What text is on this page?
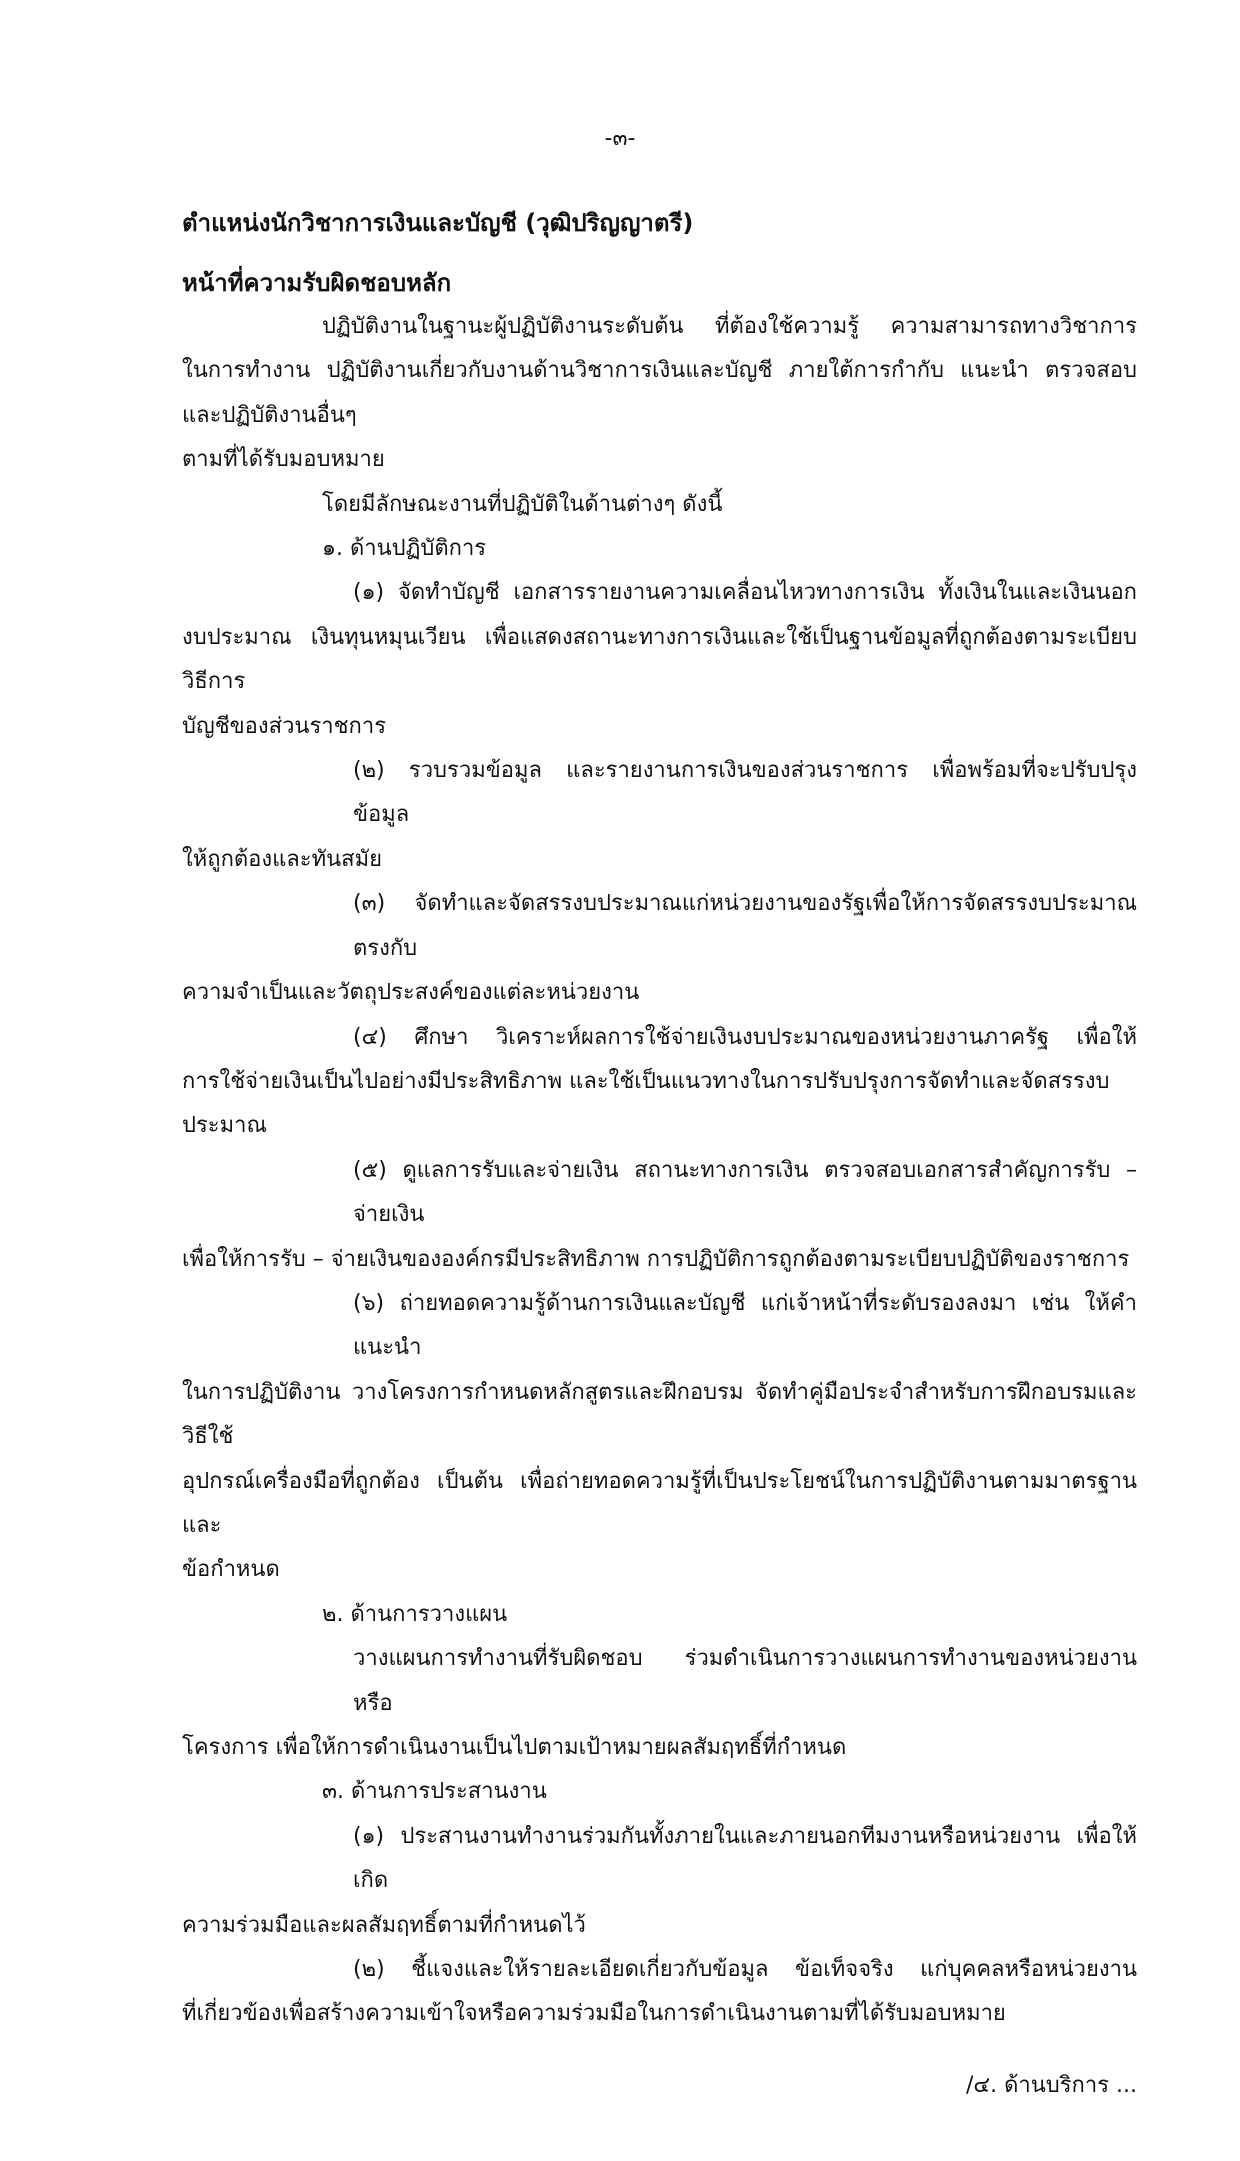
-๓-
ตำแหน่งนักวิชาการเงินและบัญชี (วุฒิปริญญาตรี)
หน้าที่ความรับผิดชอบหลัก
ปฏิบัติงานในฐานะผู้ปฏิบัติงานระดับต้น ที่ต้องใช้ความรู้ ความสามารถทางวิชาการ
ในการทำงาน ปฏิบัติงานเกี่ยวกับงานด้านวิชาการเงินและบัญชี ภายใต้การกำกับ แนะนำ ตรวจสอบ และปฏิบัติงานอื่นๆ
ตามที่ได้รับมอบหมาย
โดยมีลักษณะงานที่ปฏิบัติในด้านต่างๆ ดังนี้
๑. ด้านปฏิบัติการ
(๑) จัดทำบัญชี เอกสารรายงานความเคลื่อนไหวทางการเงิน ทั้งเงินในและเงินนอก
งบประมาณ เงินทุนหมุนเวียน เพื่อแสดงสถานะทางการเงินและใช้เป็นฐานข้อมูลที่ถูกต้องตามระเบียบวิธีการ
บัญชีของส่วนราชการ
(๒) รวบรวมข้อมูล และรายงานการเงินของส่วนราชการ เพื่อพร้อมที่จะปรับปรุงข้อมูล
ให้ถูกต้องและทันสมัย
(๓) จัดทำและจัดสรรงบประมาณแก่หน่วยงานของรัฐเพื่อให้การจัดสรรงบประมาณตรงกับ
ความจำเป็นและวัตถุประสงค์ของแต่ละหน่วยงาน
(๔) ศึกษา วิเคราะห์ผลการใช้จ่ายเงินงบประมาณของหน่วยงานภาครัฐ เพื่อให้
การใช้จ่ายเงินเป็นไปอย่างมีประสิทธิภาพ และใช้เป็นแนวทางในการปรับปรุงการจัดทำและจัดสรรงบประมาณ
(๕) ดูแลการรับและจ่ายเงิน สถานะทางการเงิน ตรวจสอบเอกสารสำคัญการรับ – จ่ายเงิน
เพื่อให้การรับ – จ่ายเงินขององค์กรมีประสิทธิภาพ การปฏิบัติการถูกต้องตามระเบียบปฏิบัติของราชการ
(๖) ถ่ายทอดความรู้ด้านการเงินและบัญชี แก่เจ้าหน้าที่ระดับรองลงมา เช่น ให้คำแนะนำ
ในการปฏิบัติงาน วางโครงการกำหนดหลักสูตรและฝึกอบรม จัดทำคู่มือประจำสำหรับการฝึกอบรมและวิธีใช้
อุปกรณ์เครื่องมือที่ถูกต้อง เป็นต้น เพื่อถ่ายทอดความรู้ที่เป็นประโยชน์ในการปฏิบัติงานตามมาตรฐานและ
ข้อกำหนด
๒. ด้านการวางแผน
วางแผนการทำงานที่รับผิดชอบ ร่วมดำเนินการวางแผนการทำงานของหน่วยงานหรือ
โครงการ เพื่อให้การดำเนินงานเป็นไปตามเป้าหมายผลสัมฤทธิ์ที่กำหนด
๓. ด้านการประสานงาน
(๑) ประสานงานทำงานร่วมกันทั้งภายในและภายนอกทีมงานหรือหน่วยงาน เพื่อให้เกิด
ความร่วมมือและผลสัมฤทธิ์ตามที่กำหนดไว้
(๒) ชี้แจงและให้รายละเอียดเกี่ยวกับข้อมูล ข้อเท็จจริง แก่บุคคลหรือหน่วยงาน
ที่เกี่ยวข้องเพื่อสร้างความเข้าใจหรือความร่วมมือในการดำเนินงานตามที่ได้รับมอบหมาย
/๔. ด้านบริการ ...
